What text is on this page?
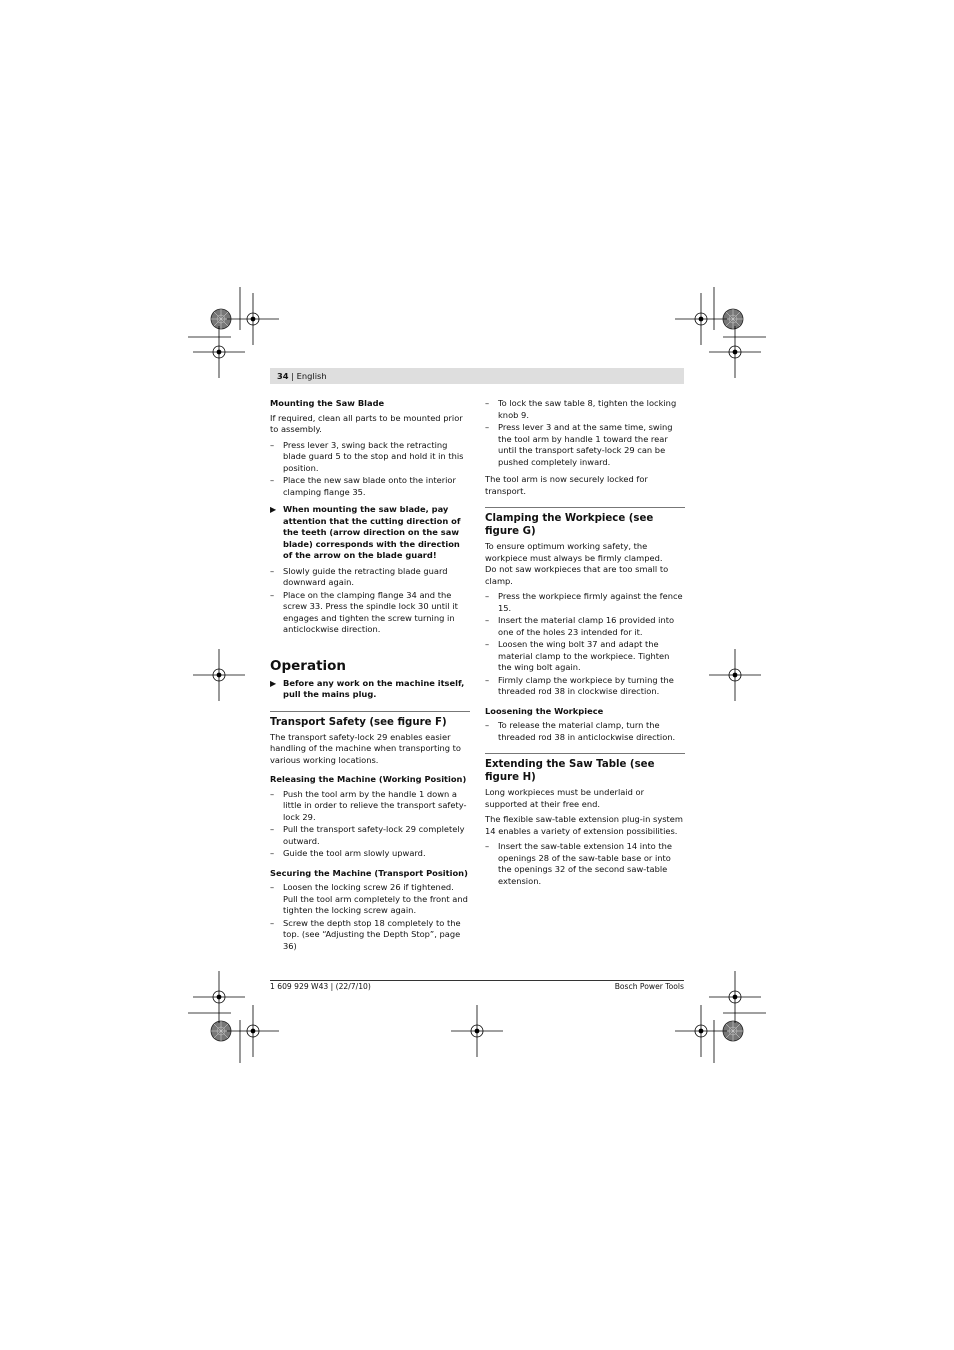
34 | English
Mounting the Saw Blade

If required, clean all parts to be mounted prior to assembly.

– Press lever 3, swing back the retracting blade guard 5 to the stop and hold it in this position.
– Place the new saw blade onto the interior clamping flange 35.
▶ When mounting the saw blade, pay attention that the cutting direction of the teeth (arrow direction on the saw blade) corresponds with the direction of the arrow on the blade guard!
– Slowly guide the retracting blade guard downward again.
– Place on the clamping flange 34 and the screw 33. Press the spindle lock 30 until it engages and tighten the screw turning in anticlockwise direction.
Operation
▶ Before any work on the machine itself, pull the mains plug.
Transport Safety (see figure F)

The transport safety-lock 29 enables easier handling of the machine when transporting to various working locations.

Releasing the Machine (Working Position)
– Push the tool arm by the handle 1 down a little in order to relieve the transport safety-lock 29.
– Pull the transport safety-lock 29 completely outward.
– Guide the tool arm slowly upward.
Securing the Machine (Transport Position)
– Loosen the locking screw 26 if tightened. Pull the tool arm completely to the front and tighten the locking screw again.
– Screw the depth stop 18 completely to the top. (see “Adjusting the Depth Stop”, page 36)
– To lock the saw table 8, tighten the locking knob 9.
– Press lever 3 and at the same time, swing the tool arm by handle 1 toward the rear until the transport safety-lock 29 can be pushed completely inward.

The tool arm is now securely locked for transport.

Clamping the Workpiece (see figure G)

To ensure optimum working safety, the workpiece must always be firmly clamped.

Do not saw workpieces that are too small to clamp.

– Press the workpiece firmly against the fence 15.
– Insert the material clamp 16 provided into one of the holes 23 intended for it.
– Loosen the wing bolt 37 and adapt the material clamp to the workpiece. Tighten the wing bolt again.
– Firmly clamp the workpiece by turning the threaded rod 38 in clockwise direction.
Loosening the Workpiece
– To release the material clamp, turn the threaded rod 38 in anticlockwise direction.
Extending the Saw Table (see figure H)

Long workpieces must be underlaid or supported at their free end.

The flexible saw-table extension plug-in system 14 enables a variety of extension possibilities.

– Insert the saw-table extension 14 into the openings 28 of the saw-table base or into the openings 32 of the second saw-table extension.
1 609 929 W43 | (22/7/10)	Bosch Power Tools
